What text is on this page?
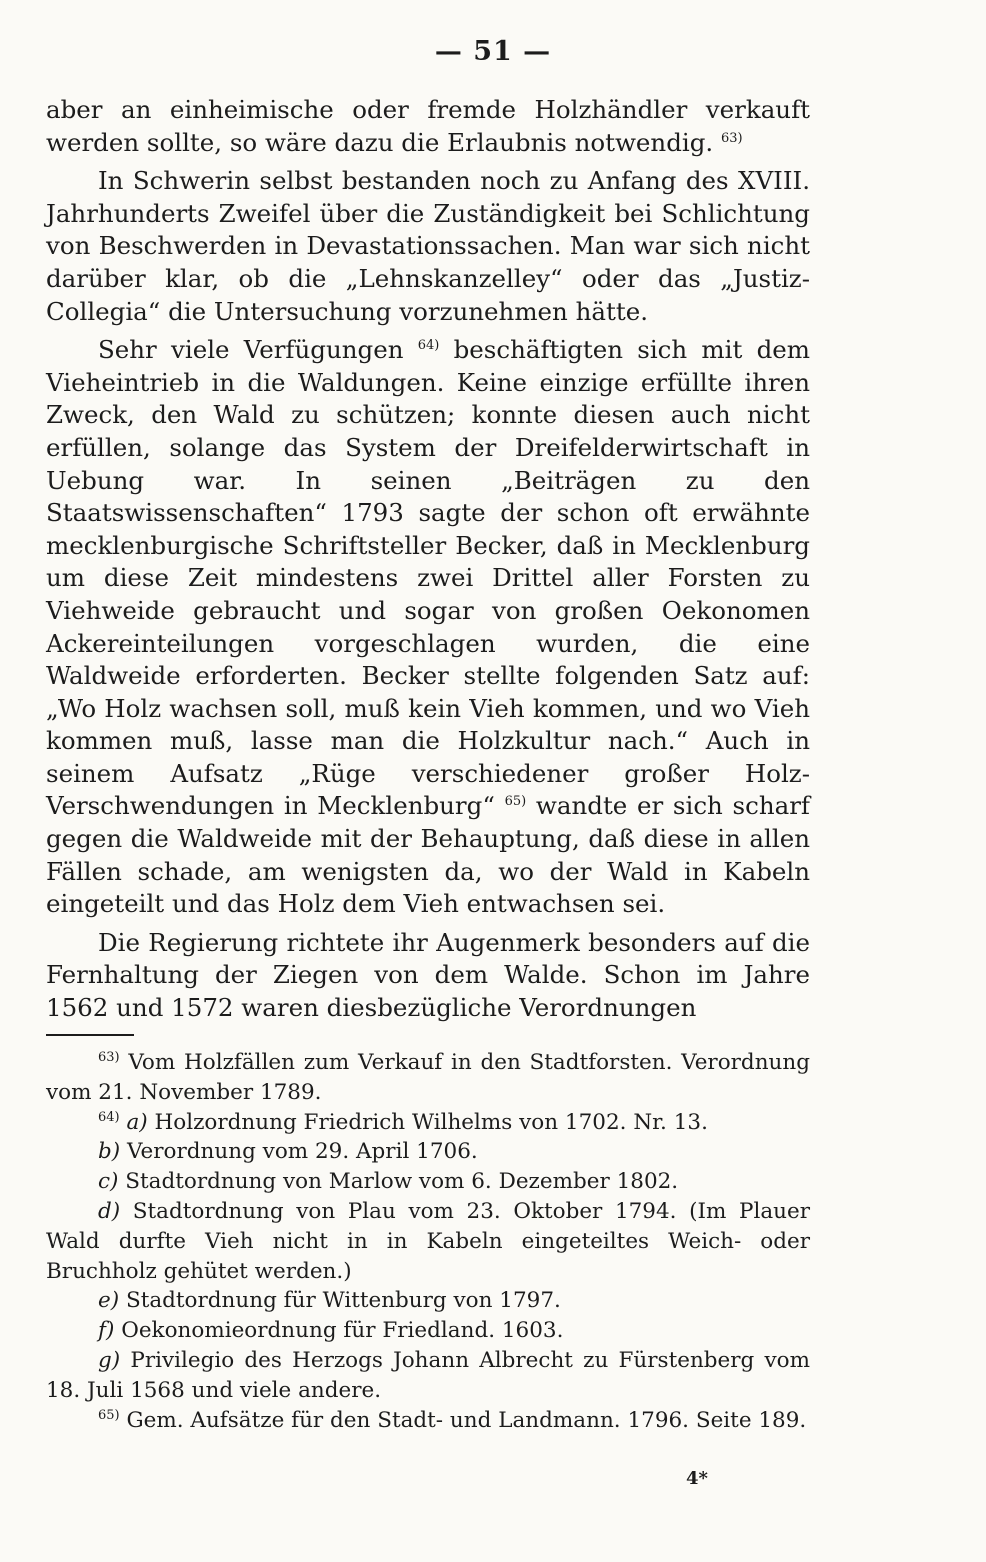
— 51 —

aber an einheimische oder fremde Holzhändler verkauft werden sollte, so wäre dazu die Erlaubnis notwendig. $^{63)}$

In Schwerin selbst bestanden noch zu Anfang des XVIII. Jahrhunderts Zweifel über die Zuständigkeit bei Schlichtung von Beschwerden in Devastationssachen. Man war sich nicht darüber klar, ob die „Lehnskanzelley“ oder das „Justiz-Collegia“ die Untersuchung vorzunehmen hätte.

Sehr viele Verfügungen $^{64)}$ beschäftigten sich mit dem Vieheintrieb in die Waldungen. Keine einzige erfüllte ihren Zweck, den Wald zu schützen; konnte diesen auch nicht erfüllen, solange das System der Dreifelderwirtschaft in Uebung war. In seinen „Beiträgen zu den Staatswissenschaften“ 1793 sagte der schon oft erwähnte mecklenburgische Schriftsteller Becker, daß in Mecklenburg um diese Zeit mindestens zwei Drittel aller Forsten zu Viehweide gebraucht und sogar von großen Oekonomen Ackereinteilungen vorgeschlagen wurden, die eine Waldweide erforderten. Becker stellte folgenden Satz auf: „Wo Holz wachsen soll, muß kein Vieh kommen, und wo Vieh kommen muß, lasse man die Holzkultur nach.“ Auch in seinem Aufsatz „Rüge verschiedener großer Holz-Verschwendungen in Mecklenburg“ $^{65)}$ wandte er sich scharf gegen die Waldweide mit der Behauptung, daß diese in allen Fällen schade, am wenigsten da, wo der Wald in Kabeln eingeteilt und das Holz dem Vieh entwachsen sei.

Die Regierung richtete ihr Augenmerk besonders auf die Fernhaltung der Ziegen von dem Walde. Schon im Jahre 1562 und 1572 waren diesbezügliche Verordnungen

$^{63)}$ Vom Holzfällen zum Verkauf in den Stadtforsten. Verordnung vom 21. November 1789.

$^{64)}$ a) Holzordnung Friedrich Wilhelms von 1702. Nr. 13.

b) Verordnung vom 29. April 1706.

c) Stadtordnung von Marlow vom 6. Dezember 1802.

d) Stadtordnung von Plau vom 23. Oktober 1794. (Im Plauer Wald durfte Vieh nicht in in Kabeln eingeteiltes Weich- oder Bruchholz gehütet werden.)

e) Stadtordnung für Wittenburg von 1797.

f) Oekonomieordnung für Friedland. 1603.

g) Privilegio des Herzogs Johann Albrecht zu Fürstenberg vom 18. Juli 1568 und viele andere.

$^{65)}$ Gem. Aufsätze für den Stadt- und Landmann. 1796. Seite 189.

4*
